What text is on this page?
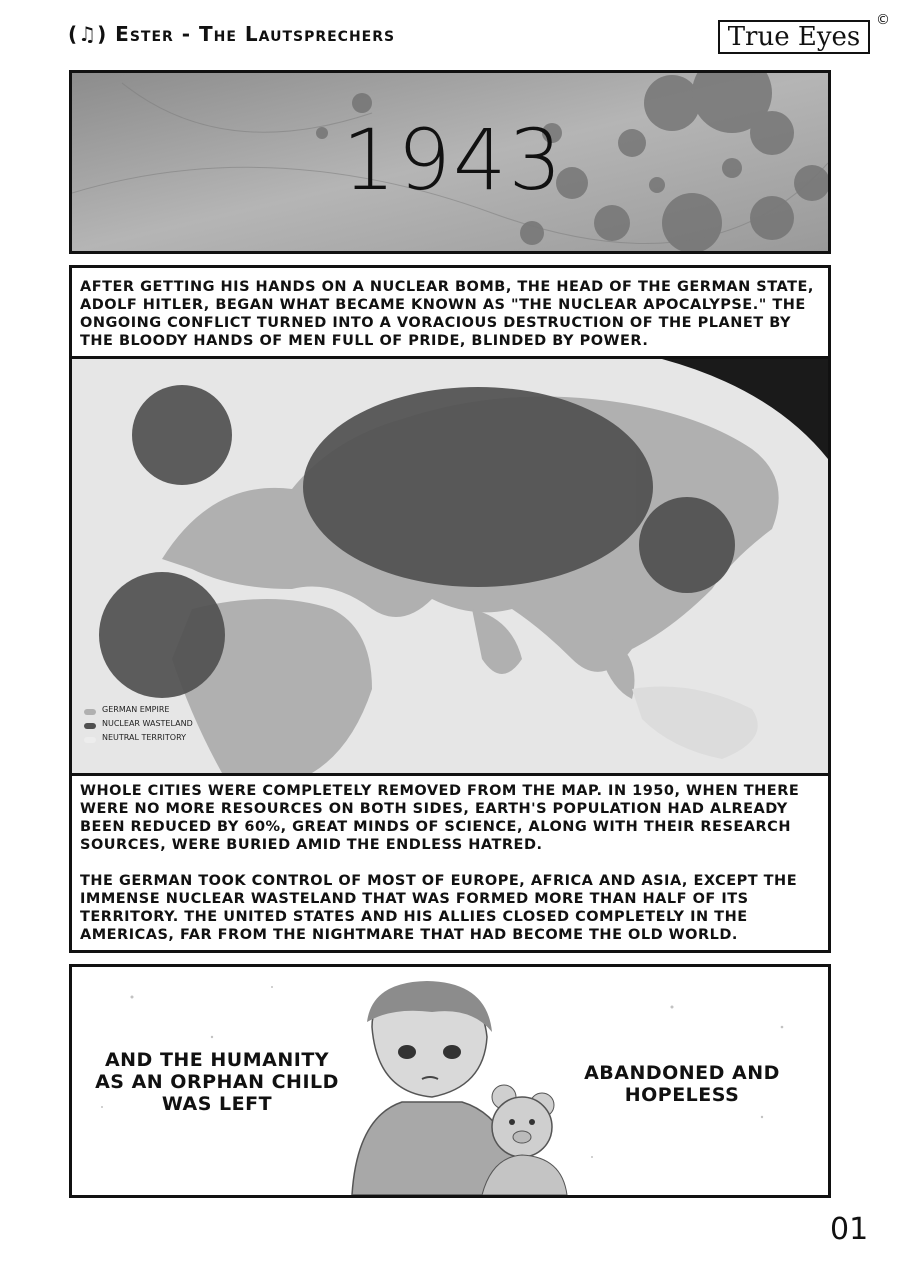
(♫) Ester - The Lautsprechers	True Eyes
©
1943
AFTER GETTING HIS HANDS ON A NUCLEAR BOMB, THE HEAD OF THE GERMAN STATE, ADOLF HITLER, BEGAN WHAT BECAME KNOWN AS "THE NUCLEAR APOCALYPSE." THE ONGOING CONFLICT TURNED INTO A VORACIOUS DESTRUCTION OF THE PLANET BY THE BLOODY HANDS OF MEN FULL OF PRIDE, BLINDED BY POWER.
GERMAN EMPIRE
NUCLEAR WASTELAND
NEUTRAL TERRITORY
WHOLE CITIES WERE COMPLETELY REMOVED FROM THE MAP. IN 1950, WHEN THERE WERE NO MORE RESOURCES ON BOTH SIDES, EARTH'S POPULATION HAD ALREADY BEEN REDUCED BY 60%, GREAT MINDS OF SCIENCE, ALONG WITH THEIR RESEARCH SOURCES, WERE BURIED AMID THE ENDLESS HATRED.
THE GERMAN TOOK CONTROL OF MOST OF EUROPE, AFRICA AND ASIA, EXCEPT THE IMMENSE NUCLEAR WASTELAND THAT WAS FORMED MORE THAN HALF OF ITS TERRITORY. THE UNITED STATES AND HIS ALLIES CLOSED COMPLETELY IN THE AMERICAS, FAR FROM THE NIGHTMARE THAT HAD BECOME THE OLD WORLD.
AND THE HUMANITY AS AN ORPHAN CHILD WAS LEFT
ABANDONED AND HOPELESS
01
